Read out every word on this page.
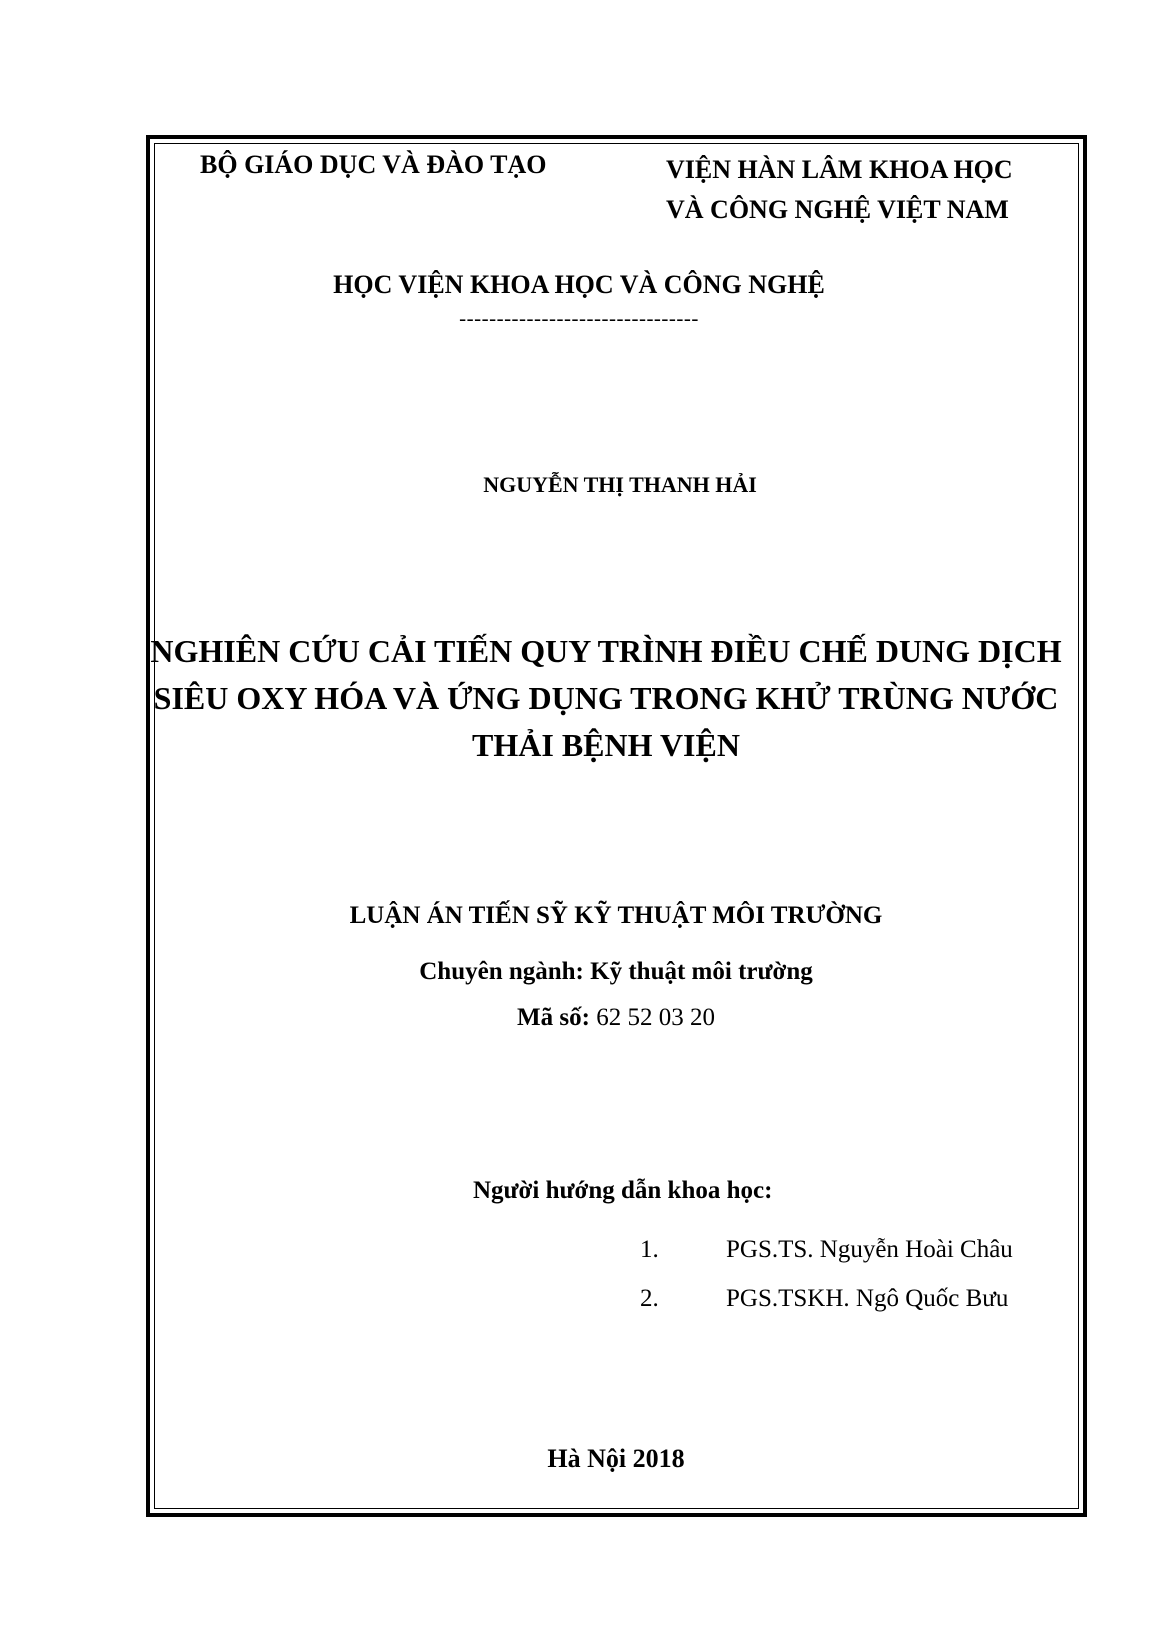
BỘ GIÁO DỤC VÀ ĐÀO TẠO	VIỆN HÀN LÂM KHOA HỌC
VÀ CÔNG NGHỆ VIỆT NAM

HỌC VIỆN KHOA HỌC VÀ CÔNG NGHỆ

--------------------------------

NGUYỄN THỊ THANH HẢI

NGHIÊN CỨU CẢI TIẾN QUY TRÌNH ĐIỀU CHẾ DUNG DỊCH
SIÊU OXY HÓA VÀ ỨNG DỤNG TRONG KHỬ TRÙNG NƯỚC
THẢI BỆNH VIỆN

LUẬN ÁN TIẾN SỸ KỸ THUẬT MÔI TRƯỜNG

Chuyên ngành: Kỹ thuật môi trường

Mã số: 62 52 03 20

Người hướng dẫn khoa học:

1.	PGS.TS. Nguyễn Hoài Châu

2.	PGS.TSKH. Ngô Quốc Bưu

Hà Nội 2018
